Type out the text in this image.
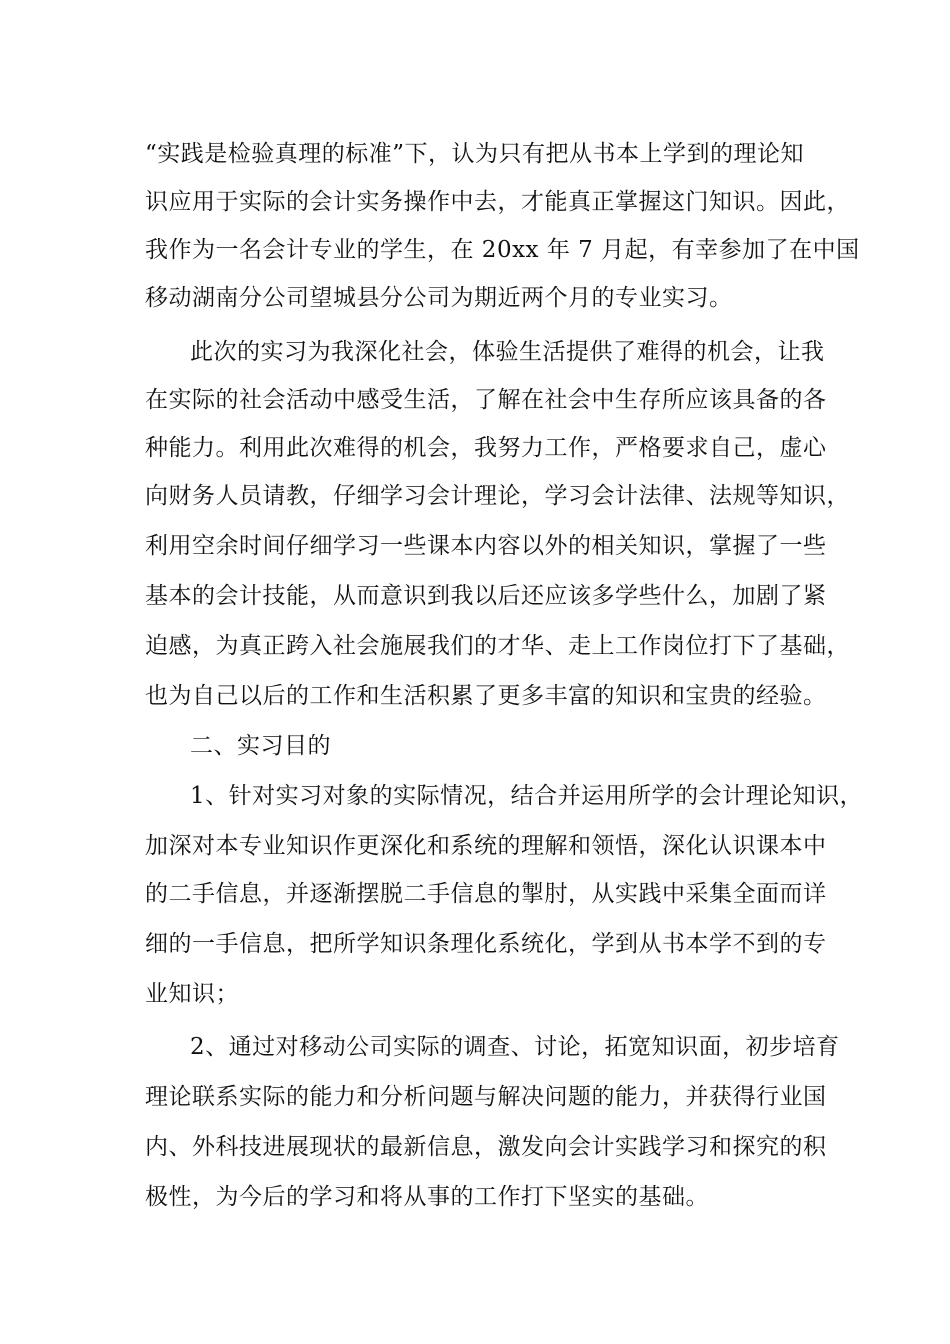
“实践是检验真理的标准”下，认为只有把从书本上学到的理论知
识应用于实际的会计实务操作中去，才能真正掌握这门知识。因此，
我作为一名会计专业的学生，在 20xx 年 7 月起，有幸参加了在中国
移动湖南分公司望城县分公司为期近两个月的专业实习。
此次的实习为我深化社会，体验生活提供了难得的机会，让我
在实际的社会活动中感受生活，了解在社会中生存所应该具备的各
种能力。利用此次难得的机会，我努力工作，严格要求自己，虚心
向财务人员请教，仔细学习会计理论，学习会计法律、法规等知识，
利用空余时间仔细学习一些课本内容以外的相关知识，掌握了一些
基本的会计技能，从而意识到我以后还应该多学些什么，加剧了紧
迫感，为真正跨入社会施展我们的才华、走上工作岗位打下了基础，
也为自己以后的工作和生活积累了更多丰富的知识和宝贵的经验。
二、实习目的
1、针对实习对象的实际情况，结合并运用所学的会计理论知识，
加深对本专业知识作更深化和系统的理解和领悟，深化认识课本中
的二手信息，并逐渐摆脱二手信息的掣肘，从实践中采集全面而详
细的一手信息，把所学知识条理化系统化，学到从书本学不到的专
业知识；
2、通过对移动公司实际的调查、讨论，拓宽知识面，初步培育
理论联系实际的能力和分析问题与解决问题的能力，并获得行业国
内、外科技进展现状的最新信息，激发向会计实践学习和探究的积
极性，为今后的学习和将从事的工作打下坚实的基础。
